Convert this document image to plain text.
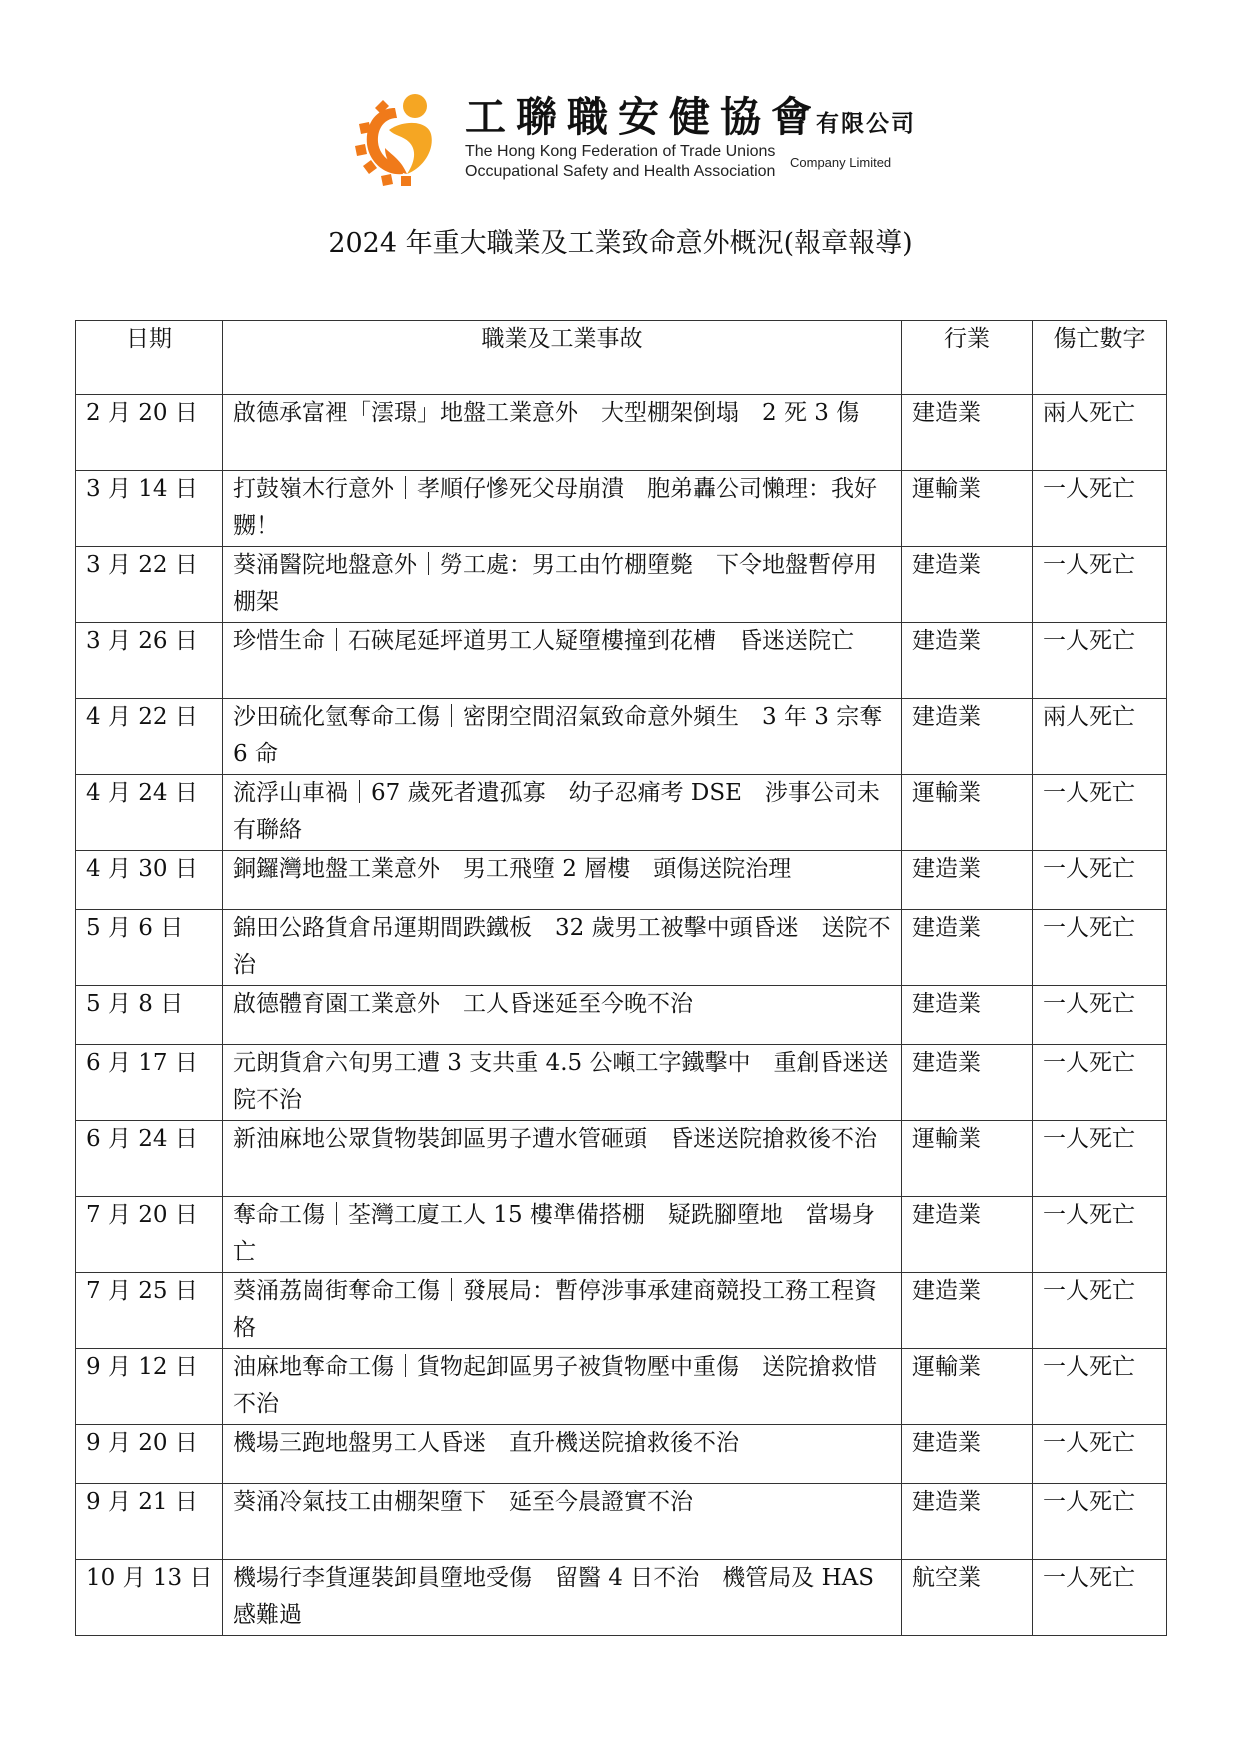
工聯職安健協會有限公司
The Hong Kong Federation of Trade Unions
Occupational Safety and Health Association
Company Limited
2024 年重大職業及工業致命意外概況(報章報導)
日期	職業及工業事故	行業	傷亡數字
2 月 20 日	啟德承富裡「澐璟」地盤工業意外　大型棚架倒塌　2 死 3 傷	建造業	兩人死亡
3 月 14 日	打鼓嶺木行意外｜孝順仔慘死父母崩潰　胞弟轟公司懶理：我好嬲！	運輸業	一人死亡
3 月 22 日	葵涌醫院地盤意外｜勞工處：男工由竹棚墮斃　下令地盤暫停用棚架	建造業	一人死亡
3 月 26 日	珍惜生命｜石硤尾延坪道男工人疑墮樓撞到花槽　昏迷送院亡	建造業	一人死亡
4 月 22 日	沙田硫化氫奪命工傷｜密閉空間沼氣致命意外頻生　3 年 3 宗奪 6 命	建造業	兩人死亡
4 月 24 日	流浮山車禍｜67 歲死者遺孤寡　幼子忍痛考 DSE　涉事公司未有聯絡	運輸業	一人死亡
4 月 30 日	銅鑼灣地盤工業意外　男工飛墮 2 層樓　頭傷送院治理	建造業	一人死亡
5 月 6 日	錦田公路貨倉吊運期間跌鐵板　32 歲男工被擊中頭昏迷　送院不治	建造業	一人死亡
5 月 8 日	啟德體育園工業意外　工人昏迷延至今晚不治	建造業	一人死亡
6 月 17 日	元朗貨倉六旬男工遭 3 支共重 4.5 公噸工字鐵擊中　重創昏迷送院不治	建造業	一人死亡
6 月 24 日	新油麻地公眾貨物裝卸區男子遭水管砸頭　昏迷送院搶救後不治	運輸業	一人死亡
7 月 20 日	奪命工傷｜荃灣工廈工人 15 樓準備搭棚　疑跣腳墮地　當場身亡	建造業	一人死亡
7 月 25 日	葵涌荔崗街奪命工傷｜發展局：暫停涉事承建商競投工務工程資格	建造業	一人死亡
9 月 12 日	油麻地奪命工傷｜貨物起卸區男子被貨物壓中重傷　送院搶救惜不治	運輸業	一人死亡
9 月 20 日	機場三跑地盤男工人昏迷　直升機送院搶救後不治	建造業	一人死亡
9 月 21 日	葵涌冷氣技工由棚架墮下　延至今晨證實不治	建造業	一人死亡
10 月 13 日	機場行李貨運裝卸員墮地受傷　留醫 4 日不治　機管局及 HAS 感難過	航空業	一人死亡
